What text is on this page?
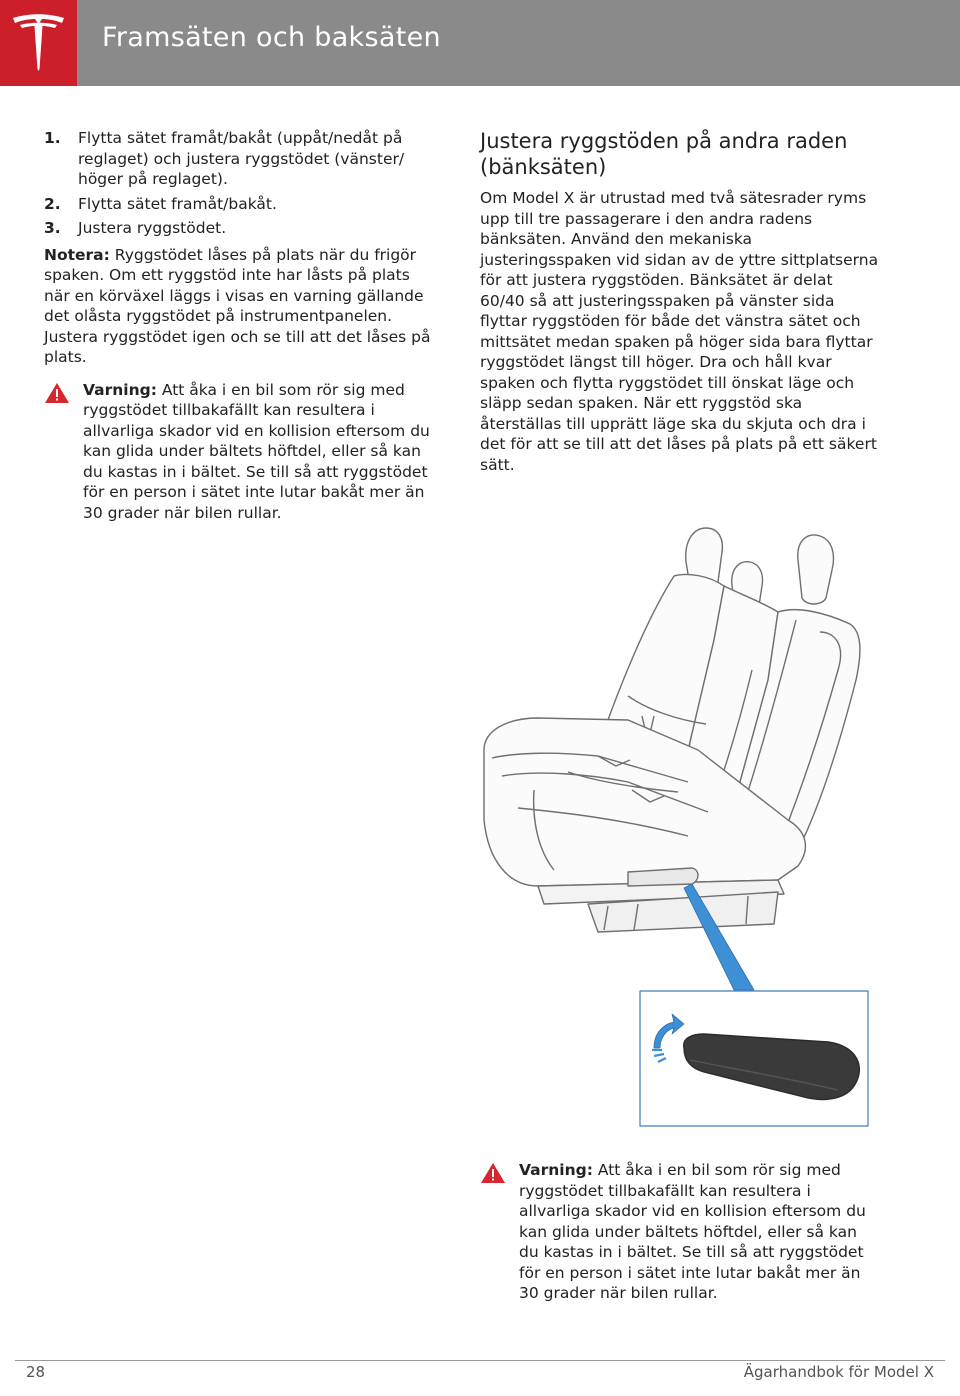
Framsäten och baksäten
1.	Flytta sätet framåt/bakåt (uppåt/nedåt på reglaget) och justera ryggstödet (vänster/ höger på reglaget).
2.	Flytta sätet framåt/bakåt.
3.	Justera ryggstödet.

Notera: Ryggstödet låses på plats när du frigör spaken. Om ett ryggstöd inte har låsts på plats när en körväxel läggs i visas en varning gällande det olåsta ryggstödet på instrumentpanelen. Justera ryggstödet igen och se till att det låses på plats.

Varning: Att åka i en bil som rör sig med ryggstödet tillbakafällt kan resultera i allvarliga skador vid en kollision eftersom du kan glida under bältets höftdel, eller så kan du kastas in i bältet. Se till så att ryggstödet för en person i sätet inte lutar bakåt mer än 30 grader när bilen rullar.
Justera ryggstöden på andra raden (bänksäten)

Om Model X är utrustad med två sätesrader ryms upp till tre passagerare i den andra radens bänksäten. Använd den mekaniska justeringsspaken vid sidan av de yttre sittplatserna för att justera ryggstöden. Bänksätet är delat 60/40 så att justeringsspaken på vänster sida flyttar ryggstöden för både det vänstra sätet och mittsätet medan spaken på höger sida bara flyttar ryggstödet längst till höger. Dra och håll kvar spaken och flytta ryggstödet till önskat läge och släpp sedan spaken. När ett ryggstöd ska återställas till upprätt läge ska du skjuta och dra i det för att se till att det låses på plats på ett säkert sätt.

Varning: Att åka i en bil som rör sig med ryggstödet tillbakafällt kan resultera i allvarliga skador vid en kollision eftersom du kan glida under bältets höftdel, eller så kan du kastas in i bältet. Se till så att ryggstödet för en person i sätet inte lutar bakåt mer än 30 grader när bilen rullar.
28	Ägarhandbok för Model X
